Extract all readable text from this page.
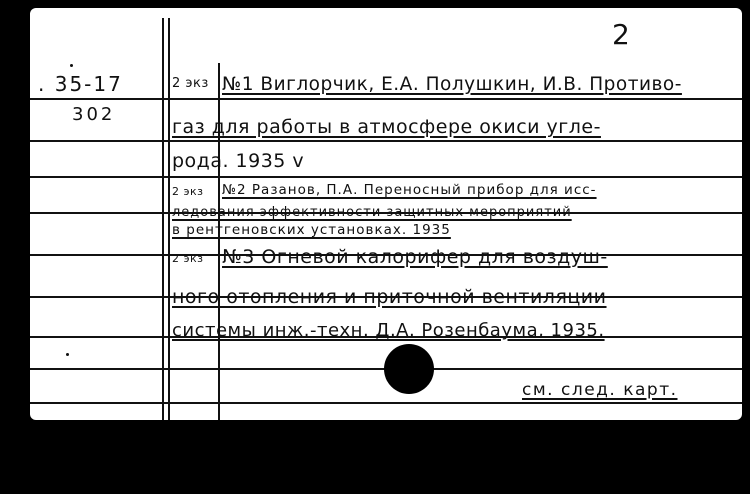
2
. 35-17
302
2 экз №1 Виглорчик, Е.А. Полушкин, И.В. Противо-
газ для работы в атмосфере окиси угле-
рода. 1935 v
2 экз №2 Разанов, П.А. Переносный прибор для исс-
ледования эффективности защитных мероприятий
в рентгеновских установках. 1935
2 экз №3 Огневой калорифер для воздуш-
ного отопления и приточной вентиляции
системы инж.-техн. Д.А. Розенбаума, 1935.
см. след. карт.
